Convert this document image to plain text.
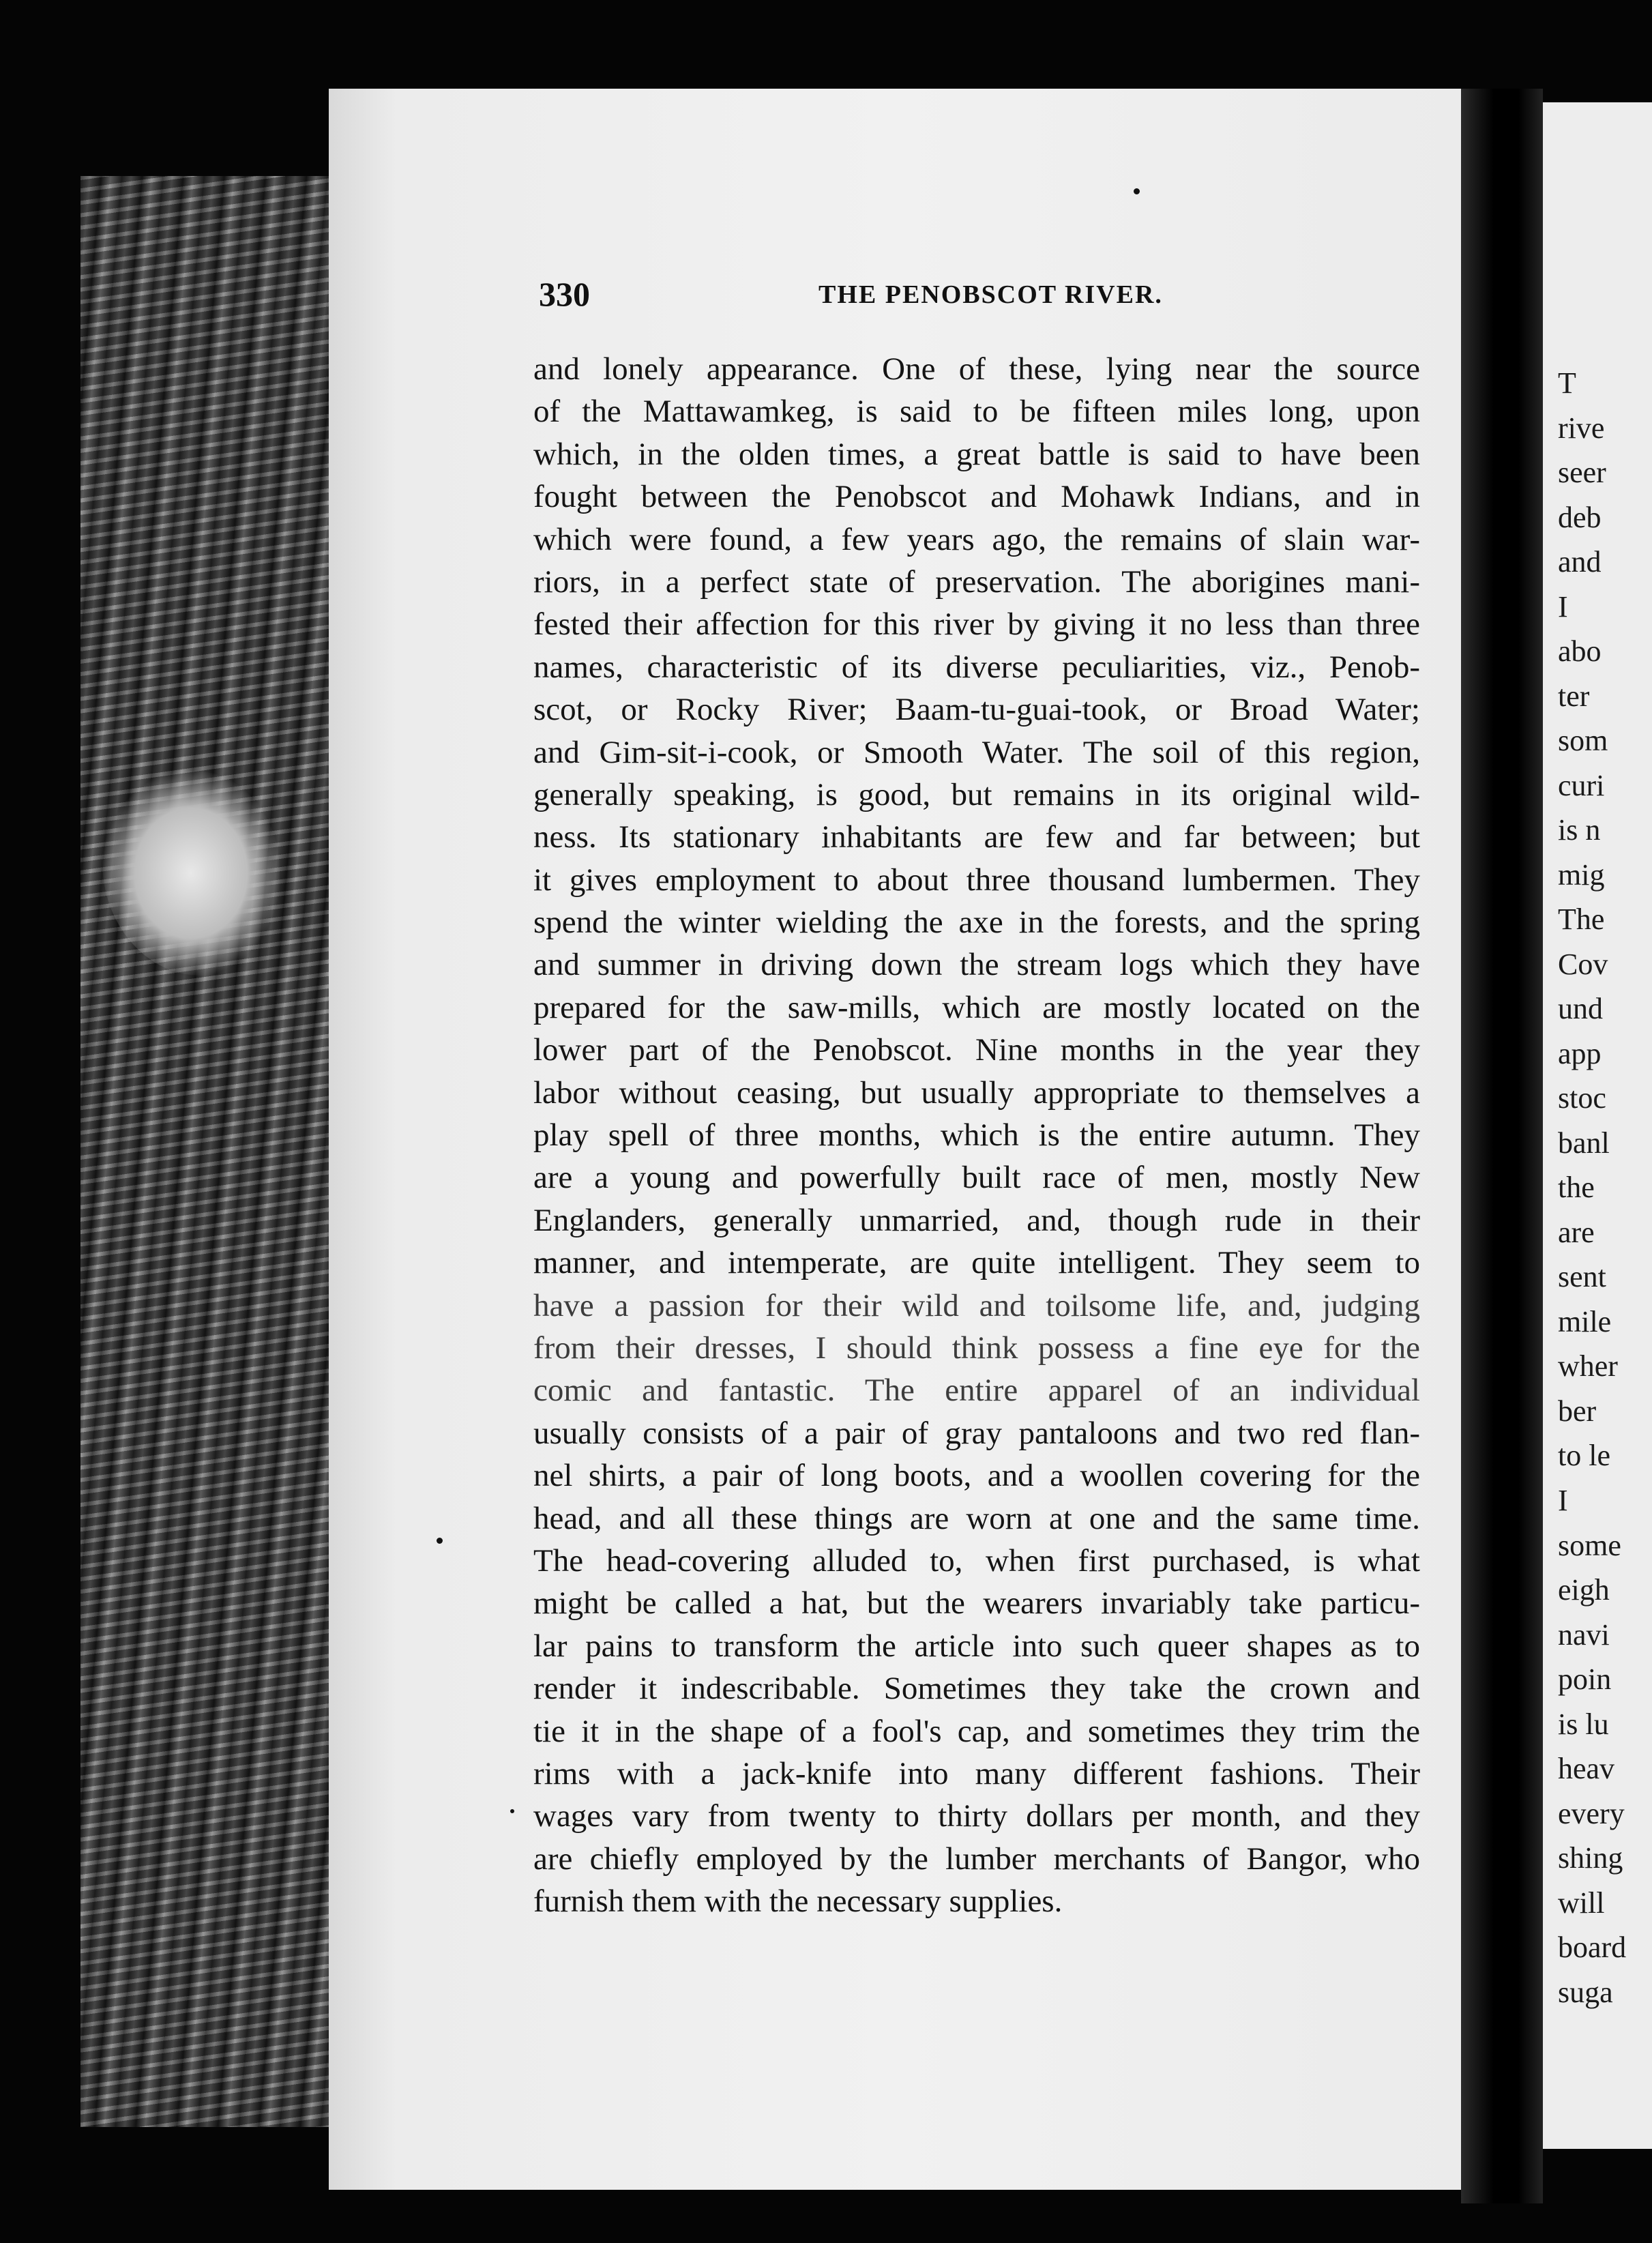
T
rive
seer
deb
and
I
abo
ter
som
curi
is n
mig
The
Cov
und
app
stoc
banl
the
are
sent
mile
wher
ber
to le
I
some
eigh
navi
poin
is lu
heav
every
shing
will
board
suga
330	THE PENOBSCOT RIVER.
and lonely appearance. One of these, lying near the source
of the Mattawamkeg, is said to be fifteen miles long, upon
which, in the olden times, a great battle is said to have been
fought between the Penobscot and Mohawk Indians, and in
which were found, a few years ago, the remains of slain war-
riors, in a perfect state of preservation. The aborigines mani-
fested their affection for this river by giving it no less than three
names, characteristic of its diverse peculiarities, viz., Penob-
scot, or Rocky River; Baam-tu-guai-took, or Broad Water;
and Gim-sit-i-cook, or Smooth Water. The soil of this region,
generally speaking, is good, but remains in its original wild-
ness. Its stationary inhabitants are few and far between; but
it gives employment to about three thousand lumbermen. They
spend the winter wielding the axe in the forests, and the spring
and summer in driving down the stream logs which they have
prepared for the saw-mills, which are mostly located on the
lower part of the Penobscot. Nine months in the year they
labor without ceasing, but usually appropriate to themselves a
play spell of three months, which is the entire autumn. They
are a young and powerfully built race of men, mostly New
Englanders, generally unmarried, and, though rude in their
manner, and intemperate, are quite intelligent. They seem to
have a passion for their wild and toilsome life, and, judging
from their dresses, I should think possess a fine eye for the
comic and fantastic. The entire apparel of an individual
usually consists of a pair of gray pantaloons and two red flan-
nel shirts, a pair of long boots, and a woollen covering for the
head, and all these things are worn at one and the same time.
The head-covering alluded to, when first purchased, is what
might be called a hat, but the wearers invariably take particu-
lar pains to transform the article into such queer shapes as to
render it indescribable. Sometimes they take the crown and
tie it in the shape of a fool's cap, and sometimes they trim the
rims with a jack-knife into many different fashions. Their
wages vary from twenty to thirty dollars per month, and they
are chiefly employed by the lumber merchants of Bangor, who
furnish them with the necessary supplies.
